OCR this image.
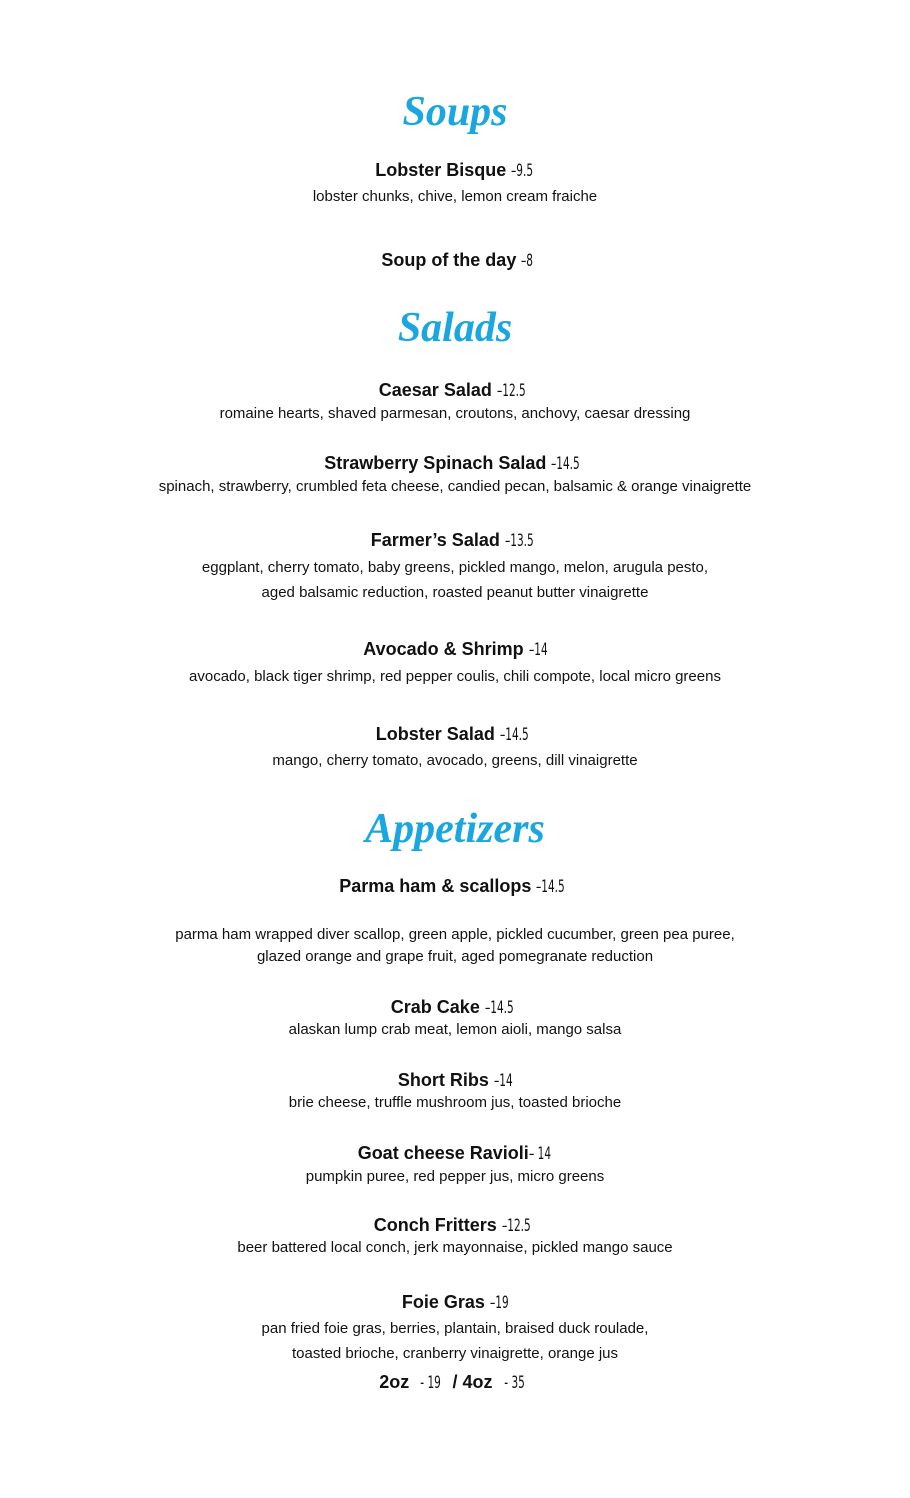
Soups
Lobster Bisque –9.5
lobster chunks, chive, lemon cream fraiche
Soup of the day –8
Salads
Caesar Salad –12.5
romaine hearts, shaved parmesan, croutons, anchovy, caesar dressing
Strawberry Spinach Salad –14.5
spinach, strawberry, crumbled feta cheese, candied pecan, balsamic & orange vinaigrette
Farmer’s Salad –13.5
eggplant, cherry tomato, baby greens, pickled mango, melon, arugula pesto,
aged balsamic reduction, roasted peanut butter vinaigrette
Avocado & Shrimp –14
avocado, black tiger shrimp, red pepper coulis, chili compote, local micro greens
Lobster Salad –14.5
mango, cherry tomato, avocado, greens, dill vinaigrette
Appetizers
Parma ham & scallops –14.5
parma ham wrapped diver scallop, green apple, pickled cucumber, green pea puree,
glazed orange and grape fruit, aged pomegranate reduction
Crab Cake –14.5
alaskan lump crab meat, lemon aioli, mango salsa
Short Ribs –14
brie cheese, truffle mushroom jus, toasted brioche
Goat cheese Ravioli– 14
pumpkin puree, red pepper jus, micro greens
Conch Fritters –12.5
beer battered local conch, jerk mayonnaise, pickled mango sauce
Foie Gras –19
pan fried foie gras, berries, plantain, braised duck roulade,
toasted brioche, cranberry vinaigrette, orange jus
2oz - 19 / 4oz - 35
